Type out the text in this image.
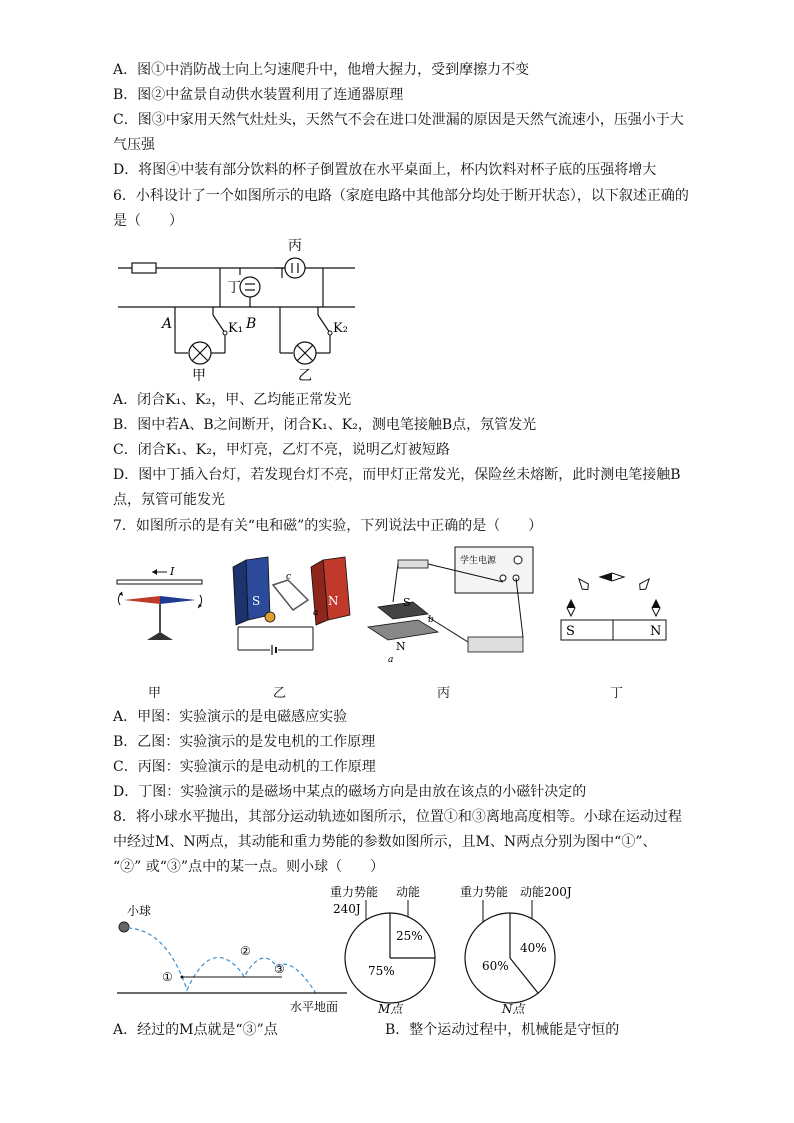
A．图①中消防战士向上匀速爬升中，他增大握力，受到摩擦力不变
B．图②中盆景自动供水装置利用了连通器原理
C．图③中家用天然气灶灶头，天然气不会在进口处泄漏的原因是天然气流速小，压强小于大
气压强
D．将图④中装有部分饮料的杯子倒置放在水平桌面上，杯内饮料对杯子底的压强将增大
6．小科设计了一个如图所示的电路（家庭电路中其他部分均处于断开状态），以下叙述正确的
是（　　）
丙
丁
A	K₁
甲
B	K₂
乙
A．闭合K₁、K₂，甲、乙均能正常发光
B．图中若A、B之间断开，闭合K₁、K₂，测电笔接触B点，氖管发光
C．闭合K₁、K₂，甲灯亮，乙灯不亮，说明乙灯被短路
D．图中丁插入台灯，若发现台灯不亮，而甲灯正常发光，保险丝未熔断，此时测电笔接触B
点，氖管可能发光
7．如图所示的是有关“电和磁”的实验，下列说法中正确的是（　　）
I
S	N
c
a
学生电源
S
N
b
a
S	N
甲	乙	丙	丁
A．甲图：实验演示的是电磁感应实验
B．乙图：实验演示的是发电机的工作原理
C．丙图：实验演示的是电动机的工作原理
D．丁图：实验演示的是磁场中某点的磁场方向是由放在该点的小磁针决定的
8．将小球水平抛出，其部分运动轨迹如图所示，位置①和③离地高度相等。小球在运动过程
中经过M、N两点，其动能和重力势能的参数如图所示，且M、N两点分别为图中“①”、
“②” 或“③”点中的某一点。则小球（　　）
小球
①
②
③
水平地面
重力势能 动能
240J
25%
75%
M点
重力势能 动能200J
40%
60%
N点
A．经过的M点就是“③”点	B．整个运动过程中，机械能是守恒的
